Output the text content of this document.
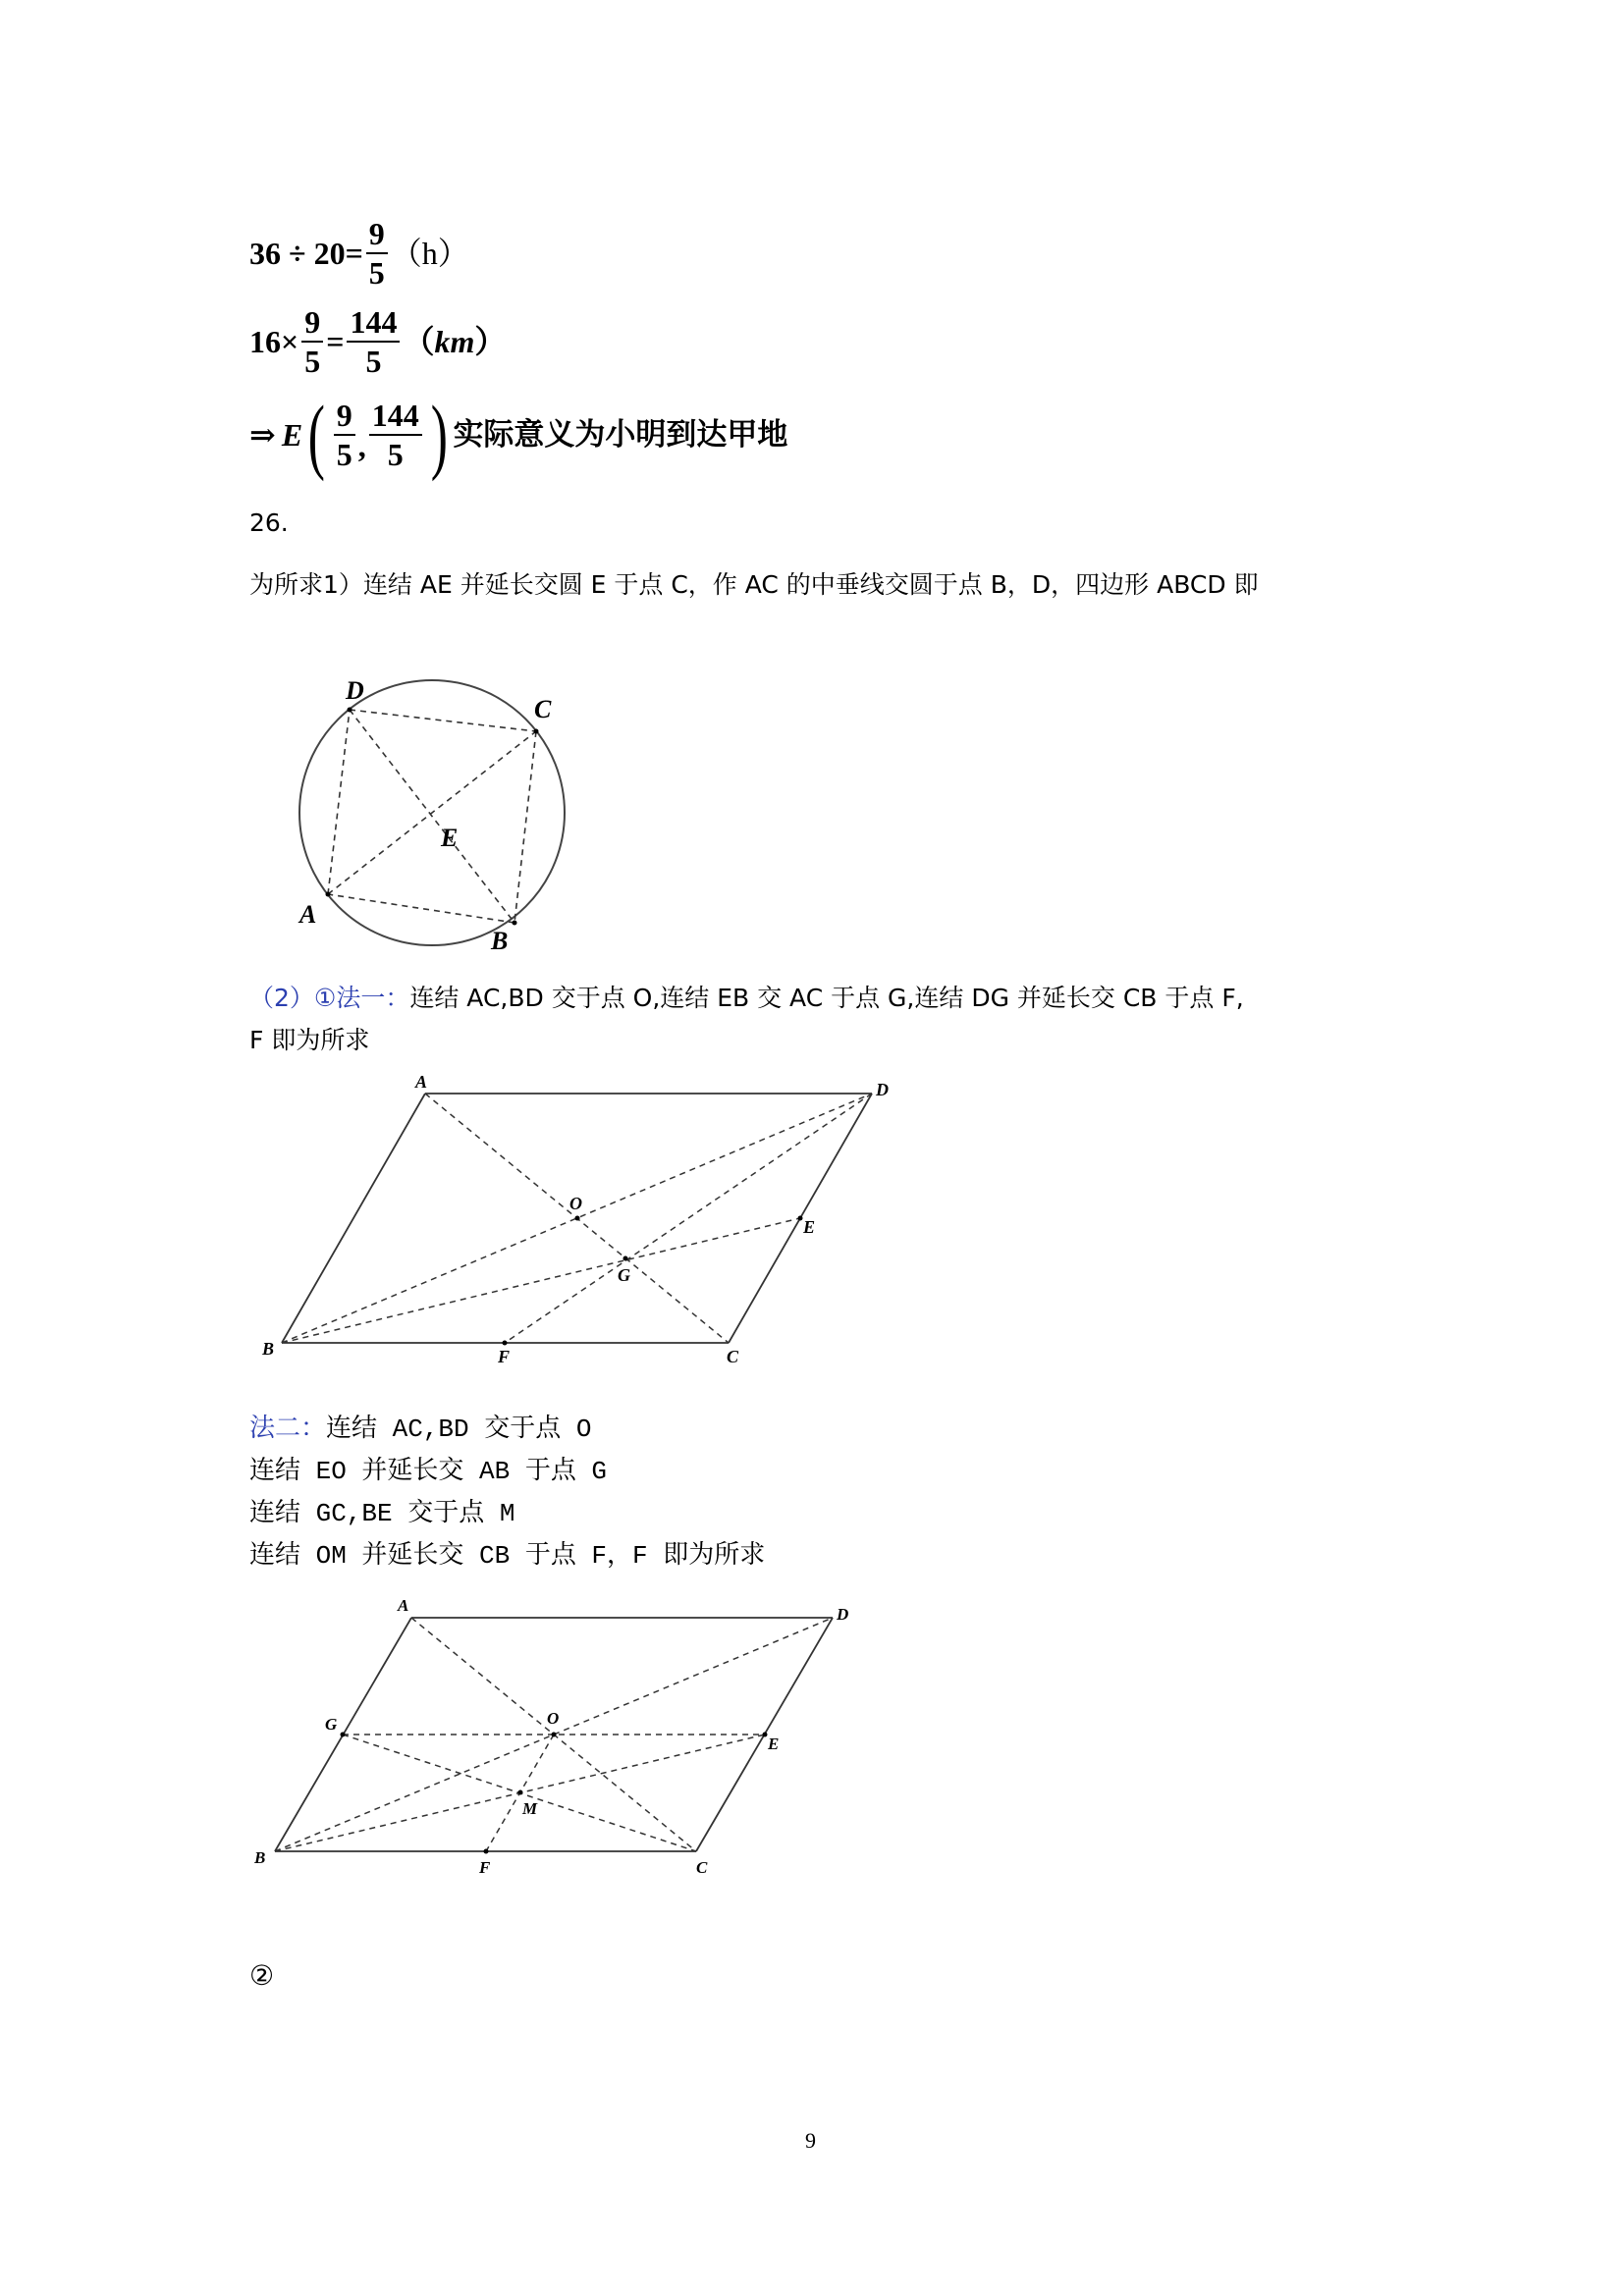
$36 \div 20= \frac{9}{5} (h)$
$16\times \frac{9}{5} = \frac{144}{5}$ （ km ）
⇒ E ( $\frac{9}{5}$ , $\frac{144}{5}$ ) 实际意义为小明到达甲地
26.
为所求1）连结 AE 并延长交圆 E 于点 C，作 AC 的中垂线交圆于点 B，D，四边形 ABCD 即
D
C
E
A
B
（2）①法一：连结 AC,BD 交于点 O,连结 EB 交 AC 于点 G,连结 DG 并延长交 CB 于点 F,
F 即为所求
A	D
O
E
G
B	F	C
法二：连结 AC,BD 交于点 O
连结 EO 并延长交 AB 于点 G
连结 GC,BE 交于点 M
连结 OM 并延长交 CB 于点 F，F 即为所求
A	D
G	O
E
M
B
F	C
②
9
